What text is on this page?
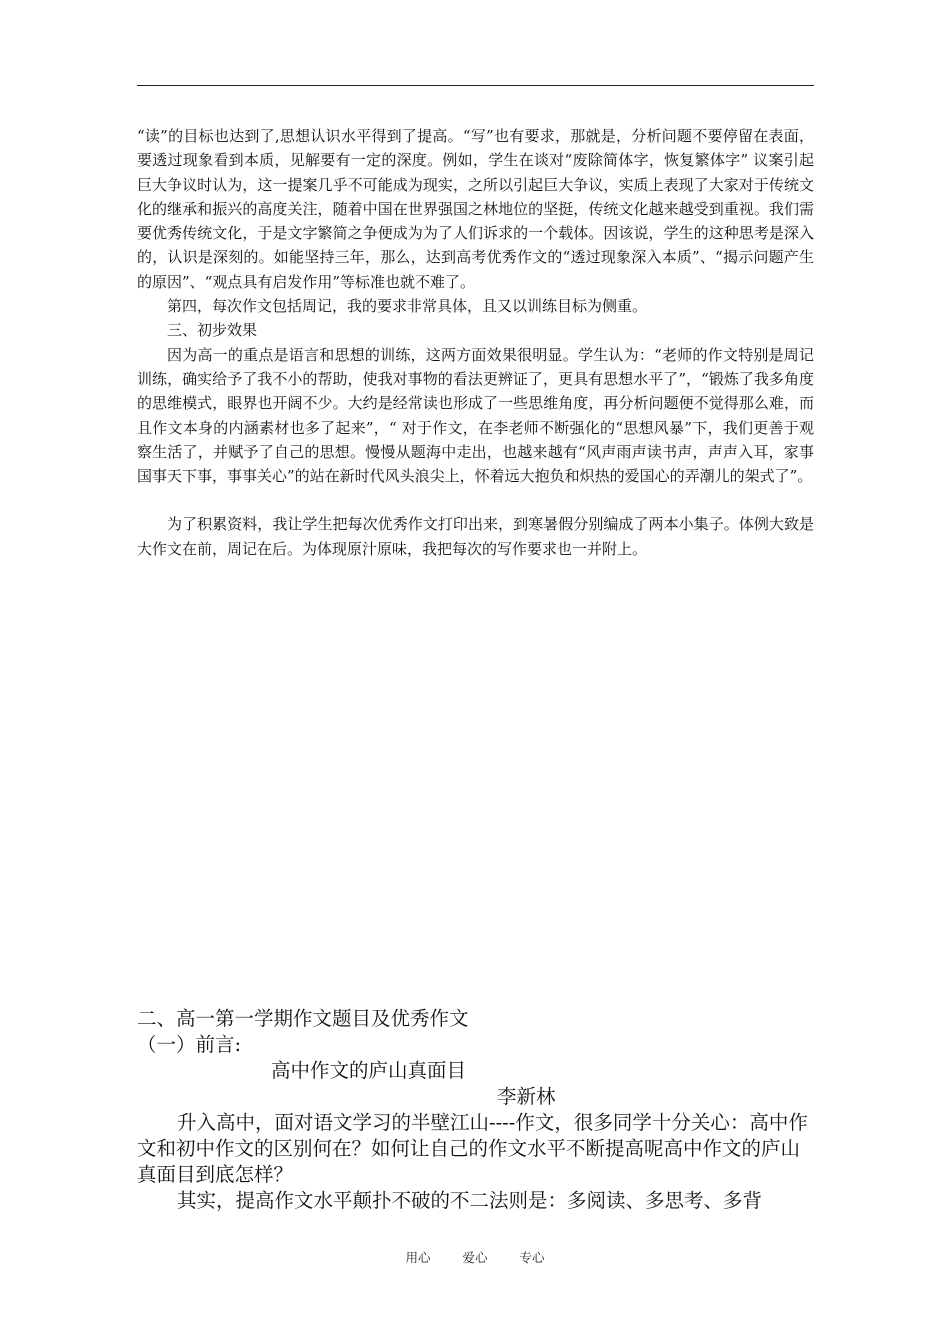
“读”的目标也达到了,思想认识水平得到了提高。“写”也有要求，那就是，分析问题不要停留在表面，要透过现象看到本质，见解要有一定的深度。例如，学生在谈对“废除简体字，恢复繁体字” 议案引起巨大争议时认为，这一提案几乎不可能成为现实，之所以引起巨大争议，实质上表现了大家对于传统文化的继承和振兴的高度关注，随着中国在世界强国之林地位的坚挺，传统文化越来越受到重视。我们需要优秀传统文化，于是文字繁简之争便成为为了人们诉求的一个载体。因该说，学生的这种思考是深入的，认识是深刻的。如能坚持三年，那么，达到高考优秀作文的“透过现象深入本质”、“揭示问题产生的原因”、“观点具有启发作用”等标准也就不难了。

第四，每次作文包括周记，我的要求非常具体，且又以训练目标为侧重。

三、初步效果

因为高一的重点是语言和思想的训练，这两方面效果很明显。学生认为：“老师的作文特别是周记训练，确实给予了我不小的帮助，使我对事物的看法更辨证了，更具有思想水平了”，“锻炼了我多角度的思维模式，眼界也开阔不少。大约是经常读也形成了一些思维角度，再分析问题便不觉得那么难，而且作文本身的内涵素材也多了起来”，“ 对于作文，在李老师不断强化的“思想风暴”下，我们更善于观察生活了，并赋予了自己的思想。慢慢从题海中走出，也越来越有“风声雨声读书声，声声入耳，家事国事天下事，事事关心”的站在新时代风头浪尖上，怀着远大抱负和炽热的爱国心的弄潮儿的架式了”。

为了积累资料，我让学生把每次优秀作文打印出来，到寒暑假分别编成了两本小集子。体例大致是大作文在前，周记在后。为体现原汁原味，我把每次的写作要求也一并附上。

二、高一第一学期作文题目及优秀作文

（一）前言:

高中作文的庐山真面目

李新林

升入高中，面对语文学习的半壁江山----作文，很多同学十分关心：高中作文和初中作文的区别何在？如何让自己的作文水平不断提高呢高中作文的庐山真面目到底怎样？

其实，提高作文水平颠扑不破的不二法则是：多阅读、多思考、多背

用心	爱心	专心
